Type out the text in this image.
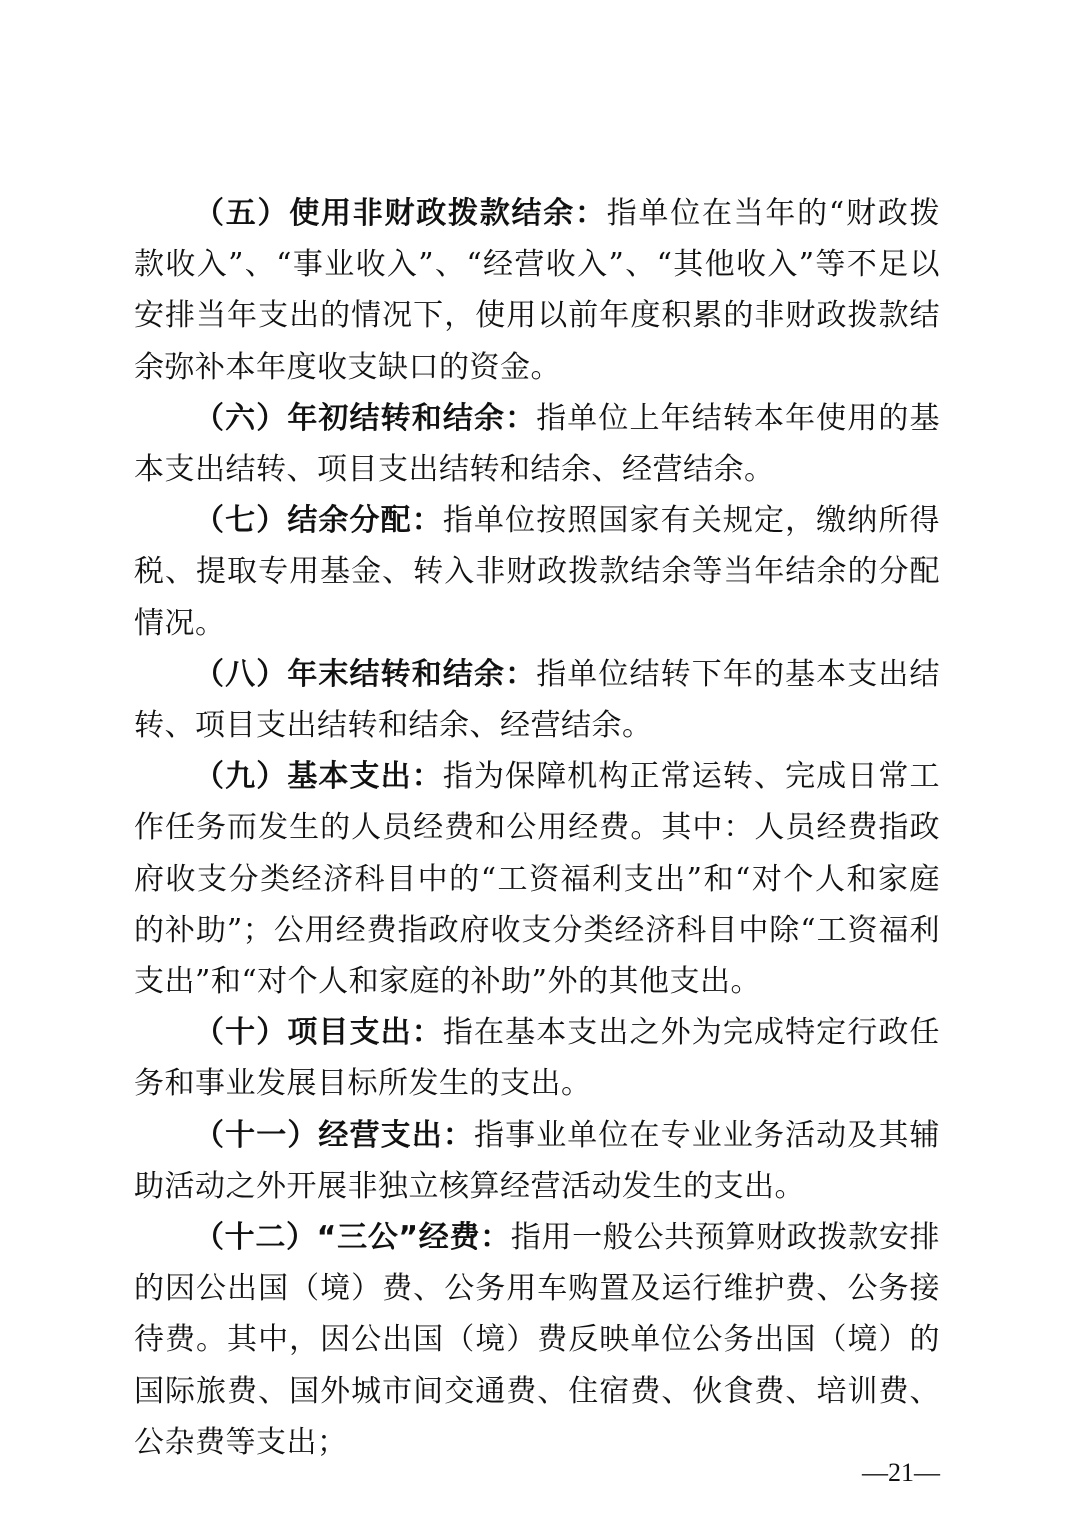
（五）使用非财政拨款结余：指单位在当年的“财政拨款收入”、“事业收入”、“经营收入”、“其他收入”等不足以安排当年支出的情况下，使用以前年度积累的非财政拨款结余弥补本年度收支缺口的资金。

（六）年初结转和结余：指单位上年结转本年使用的基本支出结转、项目支出结转和结余、经营结余。

（七）结余分配：指单位按照国家有关规定，缴纳所得税、提取专用基金、转入非财政拨款结余等当年结余的分配情况。

（八）年末结转和结余：指单位结转下年的基本支出结转、项目支出结转和结余、经营结余。

（九）基本支出：指为保障机构正常运转、完成日常工作任务而发生的人员经费和公用经费。其中：人员经费指政府收支分类经济科目中的“工资福利支出”和“对个人和家庭的补助”；公用经费指政府收支分类经济科目中除“工资福利支出”和“对个人和家庭的补助”外的其他支出。

（十）项目支出：指在基本支出之外为完成特定行政任务和事业发展目标所发生的支出。

（十一）经营支出：指事业单位在专业业务活动及其辅助活动之外开展非独立核算经营活动发生的支出。

（十二）“三公”经费：指用一般公共预算财政拨款安排的因公出国（境）费、公务用车购置及运行维护费、公务接待费。其中，因公出国（境）费反映单位公务出国（境）的国际旅费、国外城市间交通费、住宿费、伙食费、培训费、公杂费等支出；

—21—
